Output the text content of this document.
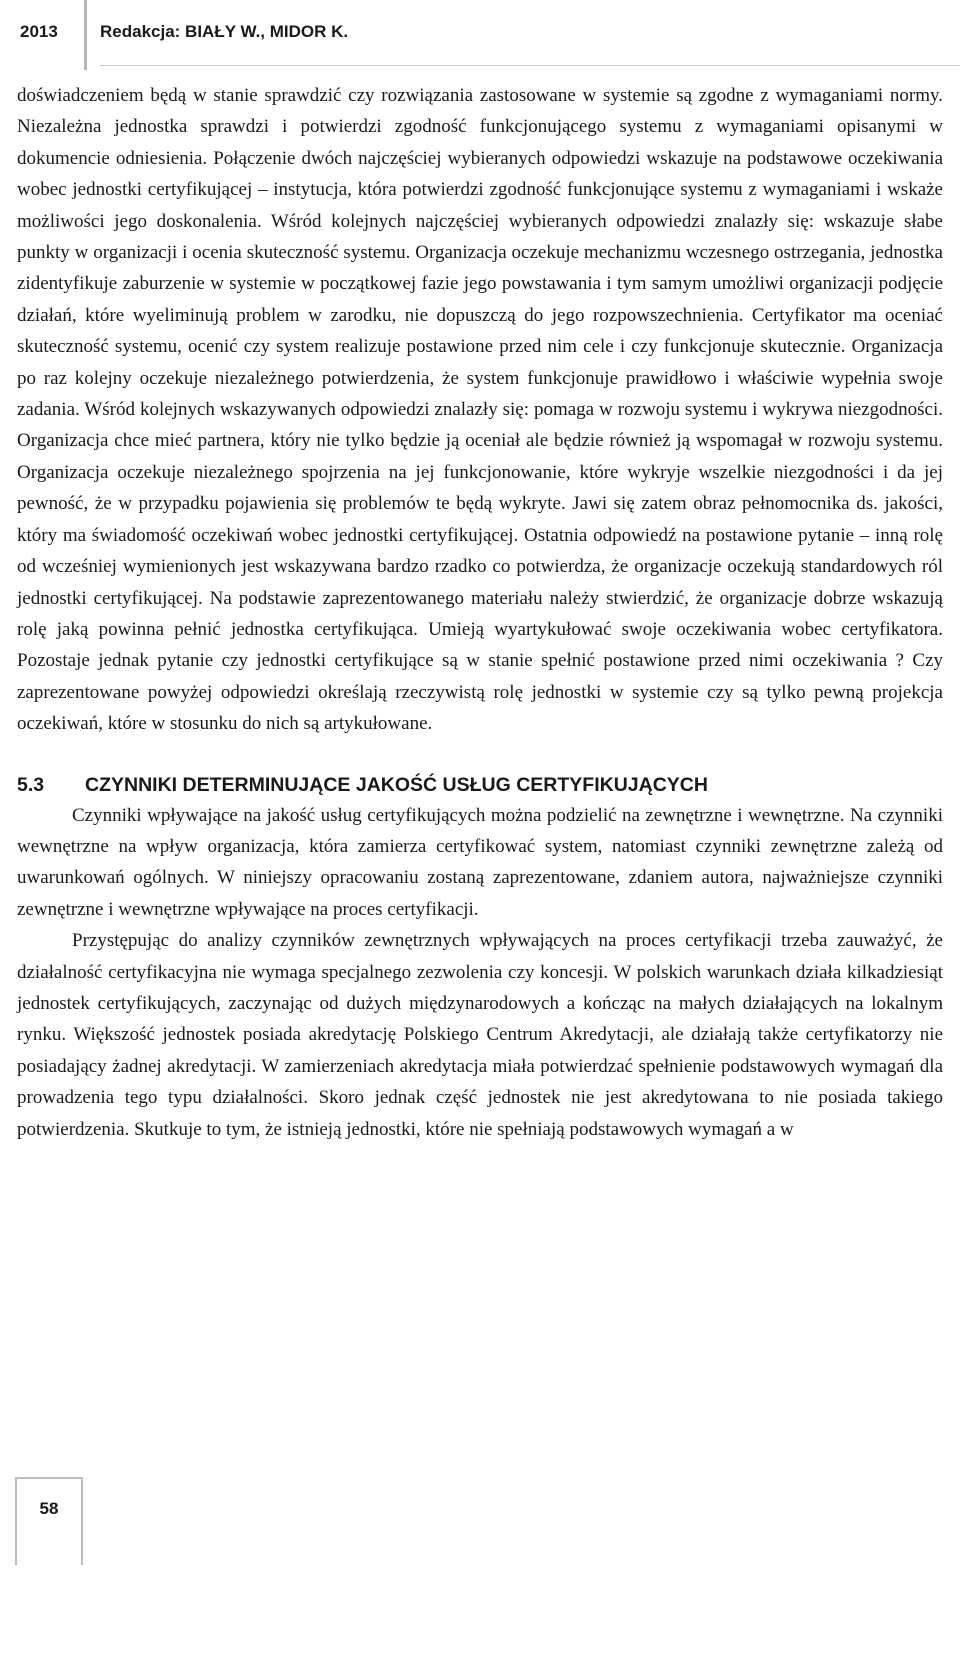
2013 Redakcja: BIAŁY W., MIDOR K.

doświadczeniem będą w stanie sprawdzić czy rozwiązania zastosowane w systemie są zgodne z wymaganiami normy. Niezależna jednostka sprawdzi i potwierdzi zgodność funkcjonującego systemu z wymaganiami opisanymi w dokumencie odniesienia. Połączenie dwóch najczęściej wybieranych odpowiedzi wskazuje na podstawowe oczekiwania wobec jednostki certyfikującej – instytucja, która potwierdzi zgodność funkcjonujące systemu z wymaganiami i wskaże możliwości jego doskonalenia. Wśród kolejnych najczęściej wybieranych odpowiedzi znalazły się: wskazuje słabe punkty w organizacji i ocenia skuteczność systemu. Organizacja oczekuje mechanizmu wczesnego ostrzegania, jednostka zidentyfikuje zaburzenie w systemie w początkowej fazie jego powstawania i tym samym umożliwi organizacji podjęcie działań, które wyeliminują problem w zarodku, nie dopuszczą do jego rozpowszechnienia. Certyfikator ma oceniać skuteczność systemu, ocenić czy system realizuje postawione przed nim cele i czy funkcjonuje skutecznie. Organizacja po raz kolejny oczekuje niezależnego potwierdzenia, że system funkcjonuje prawidłowo i właściwie wypełnia swoje zadania. Wśród kolejnych wskazywanych odpowiedzi znalazły się: pomaga w rozwoju systemu i wykrywa niezgodności. Organizacja chce mieć partnera, który nie tylko będzie ją oceniał ale będzie również ją wspomagał w rozwoju systemu. Organizacja oczekuje niezależnego spojrzenia na jej funkcjonowanie, które wykryje wszelkie niezgodności i da jej pewność, że w przypadku pojawienia się problemów te będą wykryte. Jawi się zatem obraz pełnomocnika ds. jakości, który ma świadomość oczekiwań wobec jednostki certyfikującej. Ostatnia odpowiedź na postawione pytanie – inną rolę od wcześniej wymienionych jest wskazywana bardzo rzadko co potwierdza, że organizacje oczekują standardowych ról jednostki certyfikującej. Na podstawie zaprezentowanego materiału należy stwierdzić, że organizacje dobrze wskazują rolę jaką powinna pełnić jednostka certyfikująca. Umieją wyartykułować swoje oczekiwania wobec certyfikatora. Pozostaje jednak pytanie czy jednostki certyfikujące są w stanie spełnić postawione przed nimi oczekiwania ? Czy zaprezentowane powyżej odpowiedzi określają rzeczywistą rolę jednostki w systemie czy są tylko pewną projekcja oczekiwań, które w stosunku do nich są artykułowane.

5.3	CZYNNIKI DETERMINUJĄCE JAKOŚĆ USŁUG CERTYFIKUJĄCYCH

Czynniki wpływające na jakość usług certyfikujących można podzielić na zewnętrzne i wewnętrzne. Na czynniki wewnętrzne na wpływ organizacja, która zamierza certyfikować system, natomiast czynniki zewnętrzne zależą od uwarunkowań ogólnych. W niniejszy opracowaniu zostaną zaprezentowane, zdaniem autora, najważniejsze czynniki zewnętrzne i wewnętrzne wpływające na proces certyfikacji.

Przystępując do analizy czynników zewnętrznych wpływających na proces certyfikacji trzeba zauważyć, że działalność certyfikacyjna nie wymaga specjalnego zezwolenia czy koncesji. W polskich warunkach działa kilkadziesiąt jednostek certyfikujących, zaczynając od dużych międzynarodowych a kończąc na małych działających na lokalnym rynku. Większość jednostek posiada akredytację Polskiego Centrum Akredytacji, ale działają także certyfikatorzy nie posiadający żadnej akredytacji. W zamierzeniach akredytacja miała potwierdzać spełnienie podstawowych wymagań dla prowadzenia tego typu działalności. Skoro jednak część jednostek nie jest akredytowana to nie posiada takiego potwierdzenia. Skutkuje to tym, że istnieją jednostki, które nie spełniają podstawowych wymagań a w

58
